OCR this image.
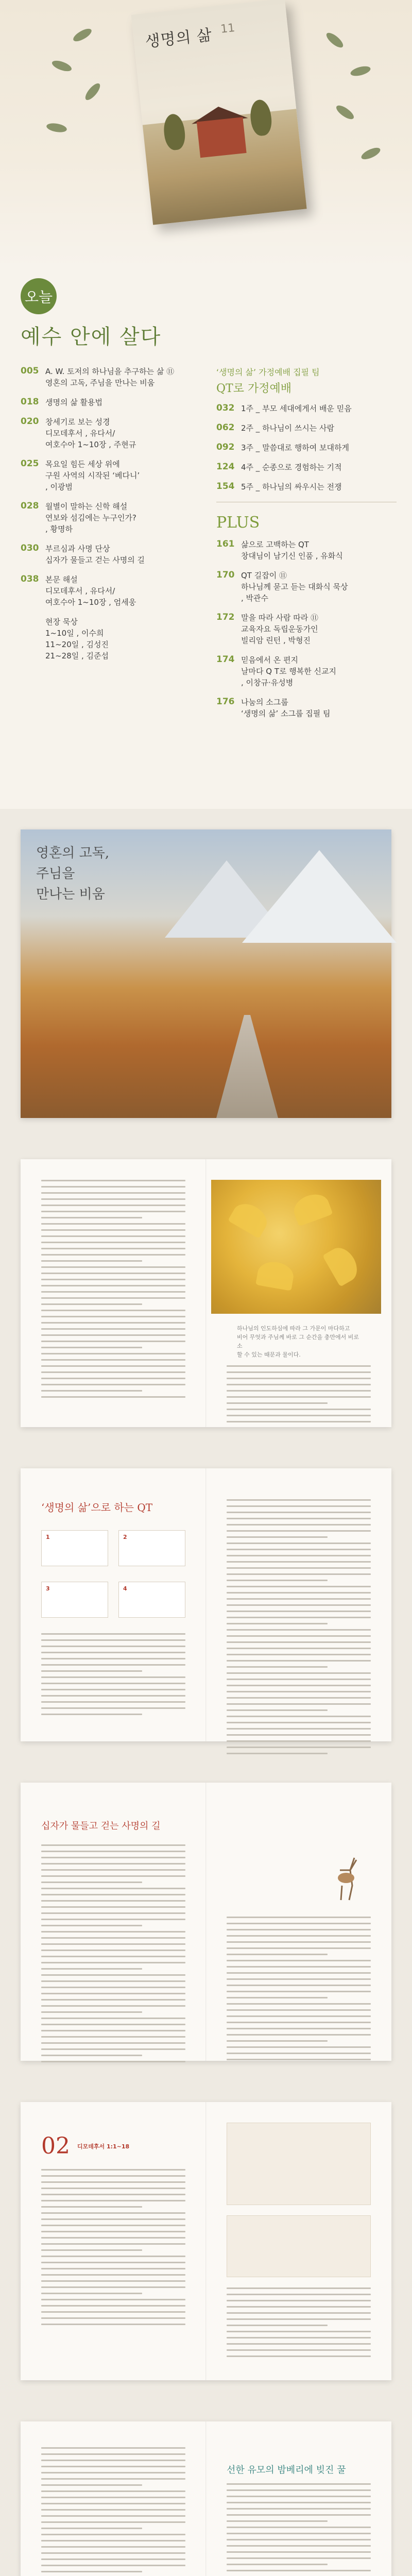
생명의 삶 11
오늘
예수 안에 살다
005 A. W. 토저의 하나님을 추구하는 삶 ⑪
영혼의 고독, 주님을 만나는 비움
018 생명의 삶 활용법
020 창세기로 보는 성경
디모데후서 , 유다서/
여호수아 1~10장 , 주현규
025 목요일 힘든 세상 위에
구원 사역의 시작된 ‘베다니’
, 이광범
028 월별이 말하는 신학 해설
연보와 섬김에는 누구인가?
, 황명하
030 부르심과 사명 단상
십자가 물들고 걷는 사명의 길
038 본문 해설
디모데후서 , 유다서/
여호수아 1~10장 , 엄세웅
현장 묵상
1~10일 , 이수희
11~20일 , 김성진
21~28일 , 김준섭
‘생명의 삶’ 가정예배 집필 팀
QT로 가정예배
032 1주 _ 부모 세대에게서 배운 믿음
062 2주 _ 하나님이 쓰시는 사람
092 3주 _ 말씀대로 행하여 보대하게
124 4주 _ 순종으로 경험하는 기적
154 5주 _ 하나님의 싸우시는 전쟁
PLUS
161 삶으로 고백하는 QT
창대님이 남기신 인품 , 유화식
170 QT 길잡이 ⑪
하나님께 묻고 듣는 대화식 묵상
, 박관수
172 말을 따라 사람 따라 ⑪
교육자요 독립운동가인
빌리암 린턴 , 박형진
174 믿음에서 온 편지
날마다 Q T로 행복한 신교지
, 이창규·유성병
176 나눔의 소그룹
‘생명의 삶’ 소그룹 집필 팀
영혼의 고독,
주님을
만나는 비움
하나님의 인도하심에 따라 그 가문이 마다하고
비어 무엇과 주님께 바로 그 순간을 충만에서 비로소
할 수 있는 때문과 물이다.
‘생명의 삶’으로 하는 QT
1	2
3	4
십자가 물들고 걷는 사명의 길
02 디모데후서 1:1~18
선한 유모의 밤베리에 빚진 꿀
